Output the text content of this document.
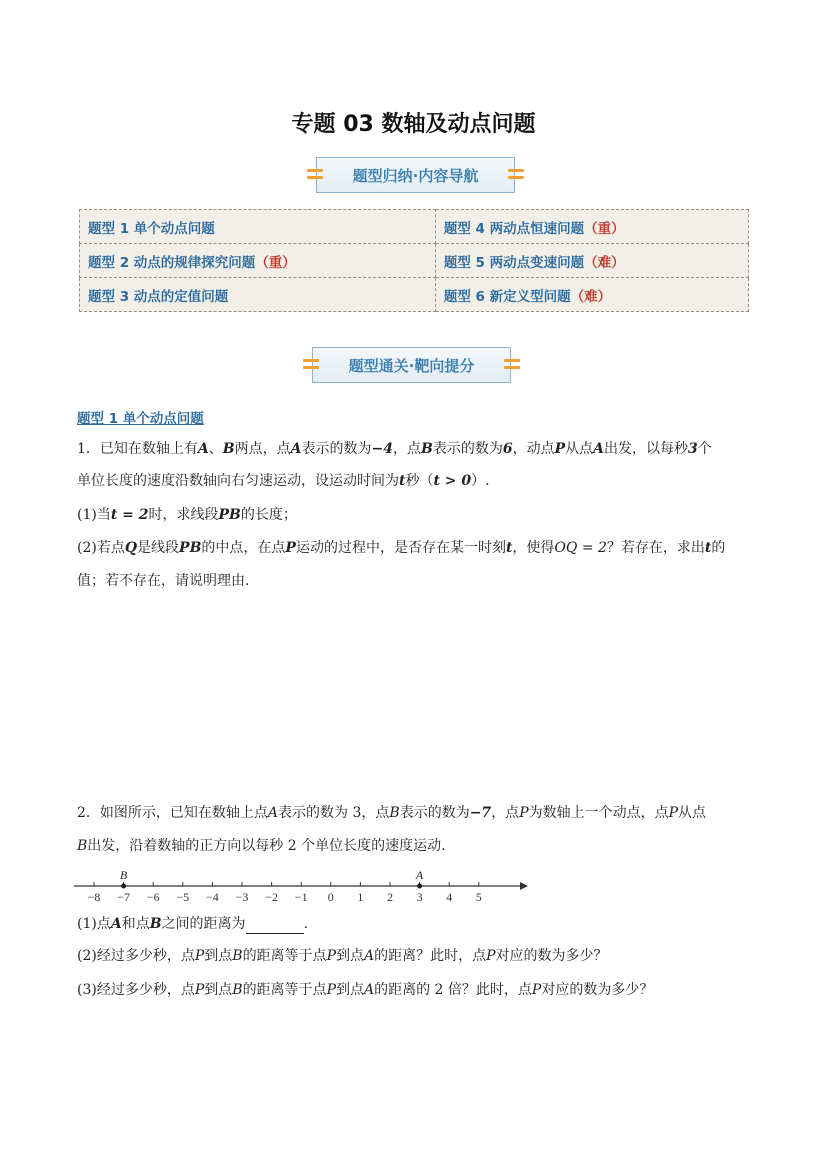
专题 03 数轴及动点问题
题型归纳·内容导航
题型 1 单个动点问题	题型 4 两动点恒速问题（重）
题型 2 动点的规律探究问题（重）	题型 5 两动点变速问题（难）
题型 3 动点的定值问题	题型 6 新定义型问题（难）
题型通关·靶向提分
题型 1 单个动点问题
1．已知在数轴上有A、B两点，点A表示的数为−4，点B表示的数为6，动点P从点A出发，以每秒3个
单位长度的速度沿数轴向右匀速运动，设运动时间为t秒（t > 0）.
(1)当t = 2时，求线段PB的长度；
(2)若点Q是线段PB的中点，在点P运动的过程中，是否存在某一时刻t，使得OQ = 2？若存在，求出t的
值；若不存在，请说明理由.
2．如图所示，已知在数轴上点A表示的数为 3，点B表示的数为−7，点P为数轴上一个动点，点P从点
B出发，沿着数轴的正方向以每秒 2 个单位长度的速度运动.
−8 −7 −6 −5 −4 −3 −2 −1 0 1 2 3 4 5
B	A
(1)点A和点B之间的距离为	.
(2)经过多少秒，点P到点B的距离等于点P到点A的距离？此时，点P对应的数为多少？
(3)经过多少秒，点P到点B的距离等于点P到点A的距离的 2 倍？此时，点P对应的数为多少？
